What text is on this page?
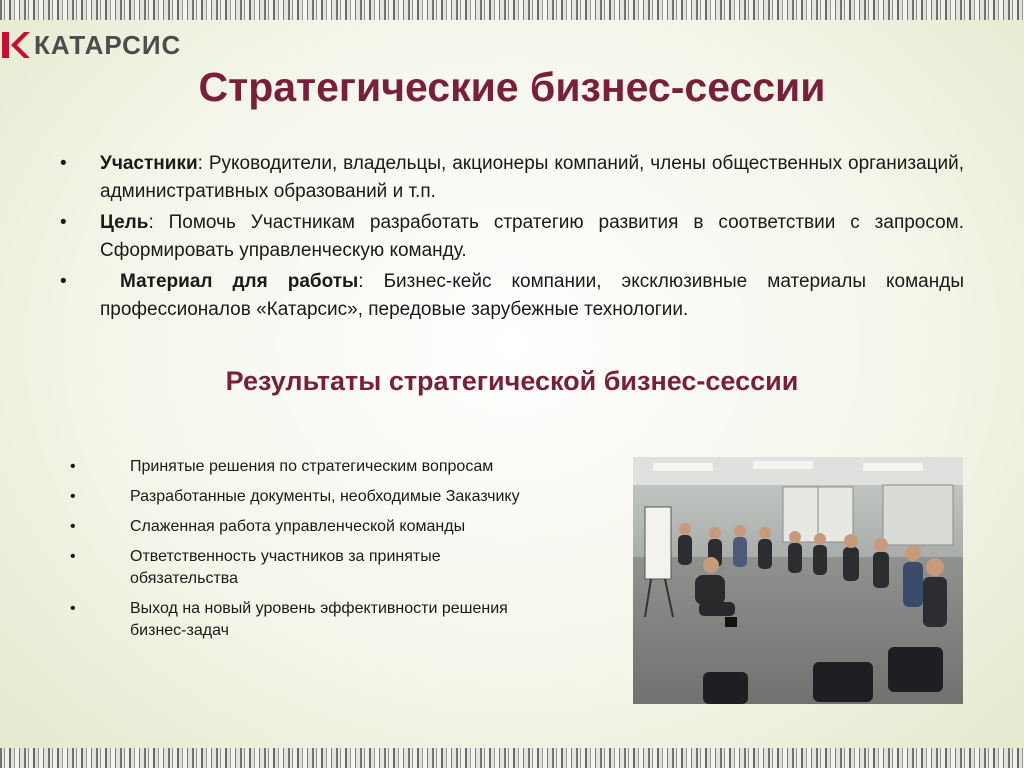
КАТАРСИС
Стратегические бизнес-сессии
• Участники: Руководители, владельцы, акционеры компаний, члены общественных организаций, административных образований и т.п.
• Цель: Помочь Участникам разработать стратегию развития в соответствии с запросом. Сформировать управленческую команду.
•	Материал для работы: Бизнес-кейс компании, эксклюзивные материалы команды профессионалов «Катарсис», передовые зарубежные технологии.
Результаты стратегической бизнес-сессии
•	Принятые решения по стратегическим вопросам
•	Разработанные документы, необходимые Заказчику
•	Слаженная работа управленческой команды
•	Ответственность участников за принятые обязательства
•	Выход на новый уровень эффективности решения бизнес-задач
